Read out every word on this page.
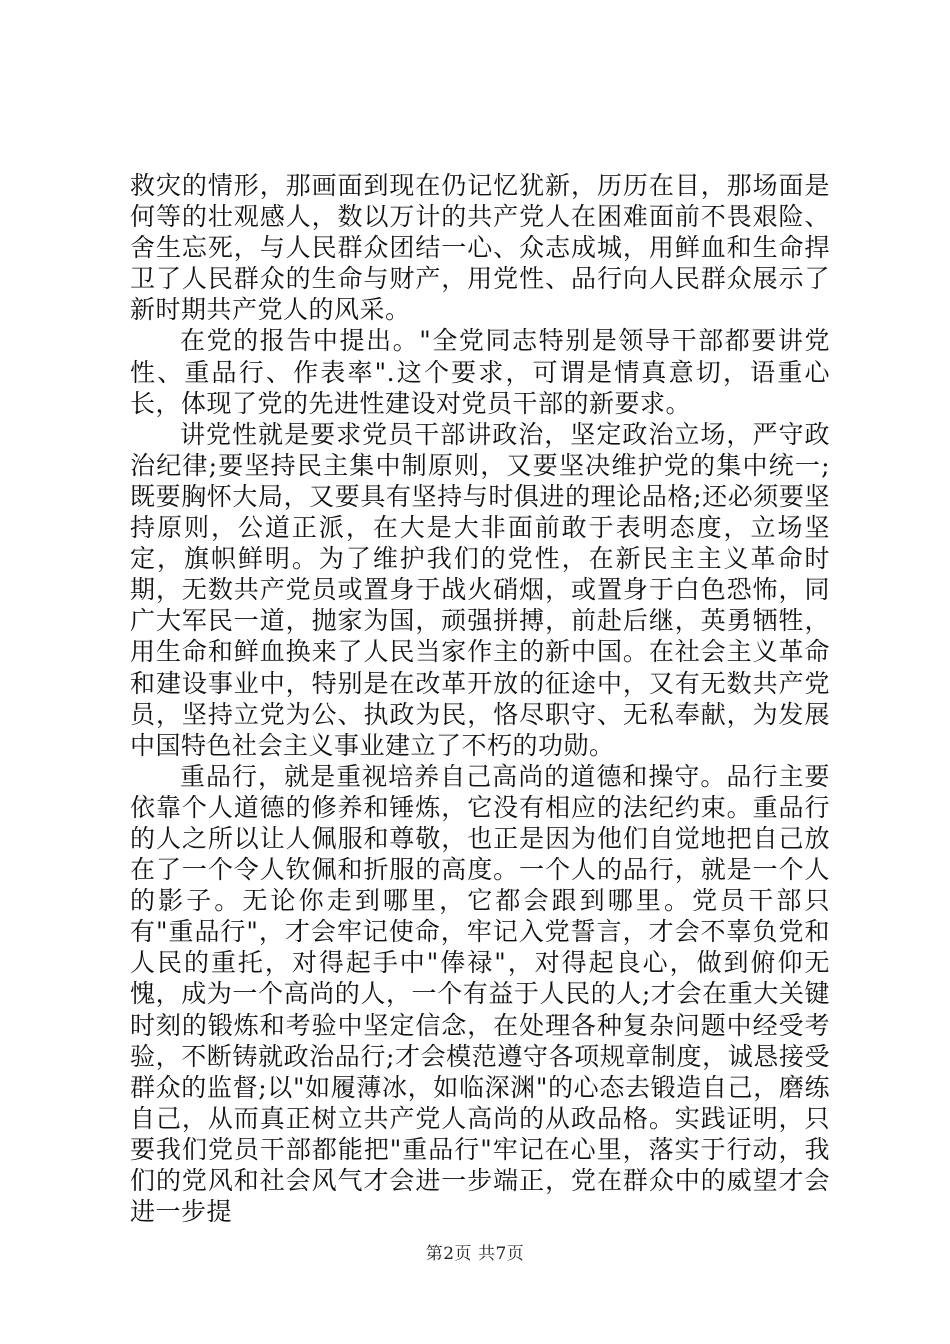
救灾的情形，那画面到现在仍记忆犹新，历历在目，那场面是何等的壮观感人，数以万计的共产党人在困难面前不畏艰险、舍生忘死，与人民群众团结一心、众志成城，用鲜血和生命捍卫了人民群众的生命与财产，用党性、品行向人民群众展示了新时期共产党人的风采。

在党的报告中提出。"全党同志特别是领导干部都要讲党性、重品行、作表率".这个要求，可谓是情真意切，语重心长，体现了党的先进性建设对党员干部的新要求。

讲党性就是要求党员干部讲政治，坚定政治立场，严守政治纪律;要坚持民主集中制原则，又要坚决维护党的集中统一;既要胸怀大局，又要具有坚持与时俱进的理论品格;还必须要坚持原则，公道正派，在大是大非面前敢于表明态度，立场坚定，旗帜鲜明。为了维护我们的党性，在新民主主义革命时期，无数共产党员或置身于战火硝烟，或置身于白色恐怖，同广大军民一道，抛家为国，顽强拼搏，前赴后继，英勇牺牲，用生命和鲜血换来了人民当家作主的新中国。在社会主义革命和建设事业中，特别是在改革开放的征途中，又有无数共产党员，坚持立党为公、执政为民，恪尽职守、无私奉献，为发展中国特色社会主义事业建立了不朽的功勋。

重品行，就是重视培养自己高尚的道德和操守。品行主要依靠个人道德的修养和锤炼，它没有相应的法纪约束。重品行的人之所以让人佩服和尊敬，也正是因为他们自觉地把自己放在了一个令人钦佩和折服的高度。一个人的品行，就是一个人的影子。无论你走到哪里，它都会跟到哪里。党员干部只有"重品行"，才会牢记使命，牢记入党誓言，才会不辜负党和人民的重托，对得起手中"俸禄"，对得起良心，做到俯仰无愧，成为一个高尚的人，一个有益于人民的人;才会在重大关键时刻的锻炼和考验中坚定信念，在处理各种复杂问题中经受考验，不断铸就政治品行;才会模范遵守各项规章制度，诚恳接受群众的监督;以"如履薄冰，如临深渊"的心态去锻造自己，磨练自己，从而真正树立共产党人高尚的从政品格。实践证明，只要我们党员干部都能把"重品行"牢记在心里，落实于行动，我们的党风和社会风气才会进一步端正，党在群众中的威望才会进一步提

第2页 共7页
